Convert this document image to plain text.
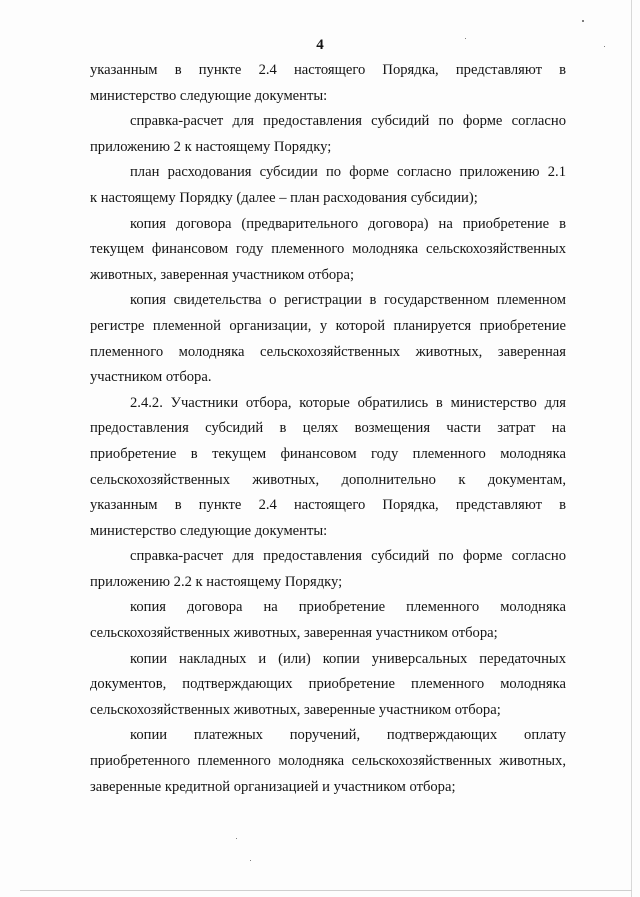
4
указанным в пункте 2.4 настоящего Порядка, представляют в
министерство следующие документы:
справка-расчет для предоставления субсидий по форме согласно
приложению 2 к настоящему Порядку;
план расходования субсидии по форме согласно приложению 2.1
к настоящему Порядку (далее – план расходования субсидии);
копия договора (предварительного договора) на приобретение в
текущем финансовом году племенного молодняка сельскохозяйственных
животных, заверенная участником отбора;
копия свидетельства о регистрации в государственном племенном
регистре племенной организации, у которой планируется приобретение
племенного молодняка сельскохозяйственных животных, заверенная
участником отбора.
2.4.2. Участники отбора, которые обратились в министерство для
предоставления субсидий в целях возмещения части затрат на
приобретение в текущем финансовом году племенного молодняка
сельскохозяйственных животных, дополнительно к документам,
указанным в пункте 2.4 настоящего Порядка, представляют в
министерство следующие документы:
справка-расчет для предоставления субсидий по форме согласно
приложению 2.2 к настоящему Порядку;
копия договора на приобретение племенного молодняка
сельскохозяйственных животных, заверенная участником отбора;
копии накладных и (или) копии универсальных передаточных
документов, подтверждающих приобретение племенного молодняка
сельскохозяйственных животных, заверенные участником отбора;
копии платежных поручений, подтверждающих оплату
приобретенного племенного молодняка сельскохозяйственных животных,
заверенные кредитной организацией и участником отбора;
